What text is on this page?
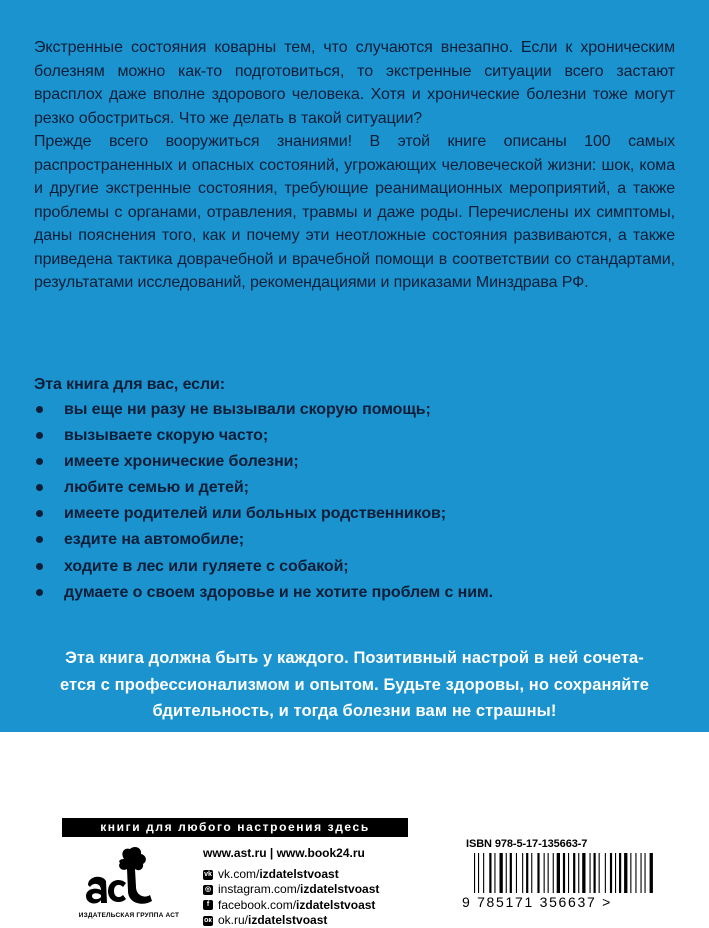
Экстренные состояния коварны тем, что случаются внезапно. Если к хроническим болезням можно как-то подготовиться, то экстренные ситуации всего застают врасплох даже вполне здорового человека. Хотя и хронические болезни тоже могут резко обостриться. Что же делать в такой ситуации?

Прежде всего вооружиться знаниями! В этой книге описаны 100 самых распространенных и опасных состояний, угрожающих человеческой жизни: шок, кома и другие экстренные состояния, требующие реанимационных мероприятий, а также проблемы с органами, отравления, травмы и даже роды. Перечислены их симптомы, даны пояснения того, как и почему эти неотложные состояния развиваются, а также приведена тактика доврачебной и врачебной помощи в соответствии со стандартами, результатами исследований, рекомендациями и приказами Минздрава РФ.

Эта книга для вас, если:
вы еще ни разу не вызывали скорую помощь;
вызываете скорую часто;
имеете хронические болезни;
любите семью и детей;
имеете родителей или больных родственников;
ездите на автомобиле;
ходите в лес или гуляете с собакой;
думаете о своем здоровье и не хотите проблем с ним.
Эта книга должна быть у каждого. Позитивный настрой в ней сочета-
ется с профессионализмом и опытом. Будьте здоровы, но сохраняйте
бдительность, и тогда болезни вам не страшны!
книги для любого настроения здесь
ИЗДАТЕЛЬСКАЯ ГРУППА АСТ
www.ast.ru | www.book24.ru
vk vk.com/ izdatelstvoast
◎ instagram.com/ izdatelstvoast
f facebook.com/ izdatelstvoast
ок ok.ru/ izdatelstvoast
ISBN 978-5-17-135663-7
9 785171 356637 >
